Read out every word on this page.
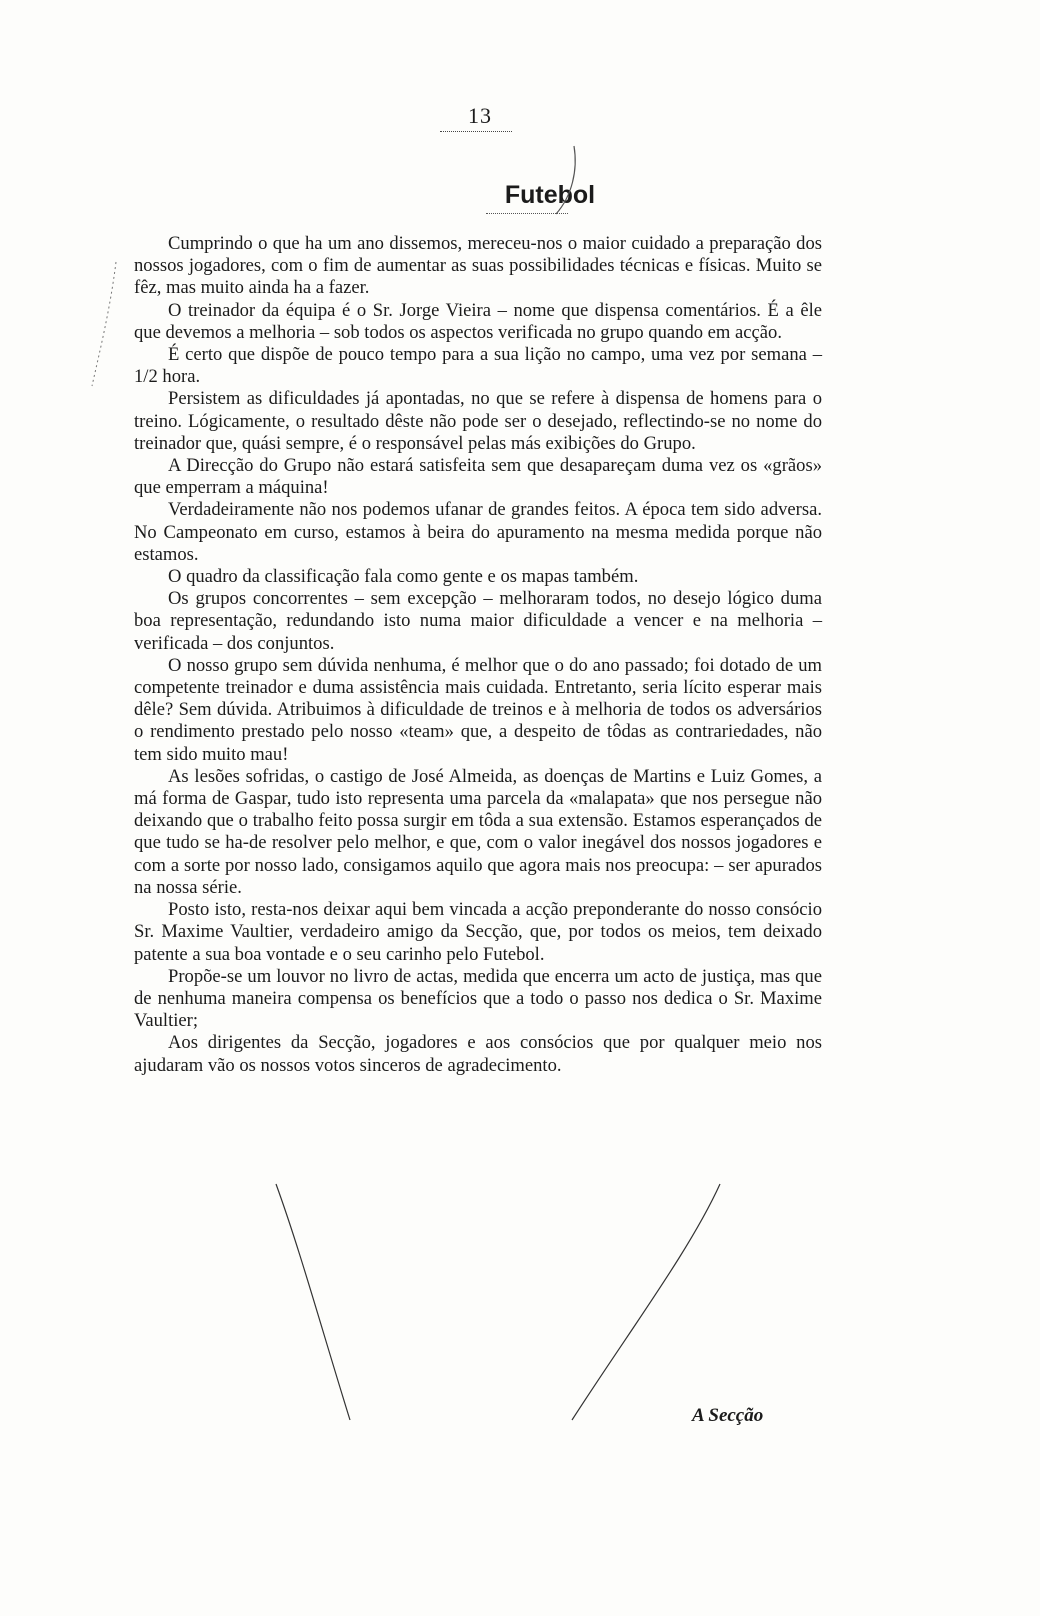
13
Futebol

Cumprindo o que ha um ano dissemos, mereceu-nos o maior cuidado a preparação dos nossos jogadores, com o fim de aumentar as suas possibilidades técnicas e físicas. Muito se fêz, mas muito ainda ha a fazer.

O treinador da équipa é o Sr. Jorge Vieira – nome que dispensa comentários. É a êle que devemos a melhoria – sob todos os aspectos verificada no grupo quando em acção.

É certo que dispõe de pouco tempo para a sua lição no campo, uma vez por semana – 1/2 hora.

Persistem as dificuldades já apontadas, no que se refere à dispensa de homens para o treino. Lógicamente, o resultado dêste não pode ser o desejado, reflectindo-se no nome do treinador que, quási sempre, é o responsável pelas más exibições do Grupo.

A Direcção do Grupo não estará satisfeita sem que desapareçam duma vez os «grãos» que emperram a máquina!

Verdadeiramente não nos podemos ufanar de grandes feitos. A época tem sido adversa. No Campeonato em curso, estamos à beira do apuramento na mesma medida porque não estamos.

O quadro da classificação fala como gente e os mapas também.

Os grupos concorrentes – sem excepção – melhoraram todos, no desejo lógico duma boa representação, redundando isto numa maior dificuldade a vencer e na melhoria – verificada – dos conjuntos.

O nosso grupo sem dúvida nenhuma, é melhor que o do ano passado; foi dotado de um competente treinador e duma assistência mais cuidada. Entretanto, seria lícito esperar mais dêle? Sem dúvida. Atribuimos à dificuldade de treinos e à melhoria de todos os adversários o rendimento prestado pelo nosso «team» que, a despeito de tôdas as contrariedades, não tem sido muito mau!

As lesões sofridas, o castigo de José Almeida, as doenças de Martins e Luiz Gomes, a má forma de Gaspar, tudo isto representa uma parcela da «malapata» que nos persegue não deixando que o trabalho feito possa surgir em tôda a sua extensão. Estamos esperançados de que tudo se ha-de resolver pelo melhor, e que, com o valor inegável dos nossos jogadores e com a sorte por nosso lado, consigamos aquilo que agora mais nos preocupa: – ser apurados na nossa série.

Posto isto, resta-nos deixar aqui bem vincada a acção preponderante do nosso consócio Sr. Maxime Vaultier, verdadeiro amigo da Secção, que, por todos os meios, tem deixado patente a sua boa vontade e o seu carinho pelo Futebol.

Propõe-se um louvor no livro de actas, medida que encerra um acto de justiça, mas que de nenhuma maneira compensa os benefícios que a todo o passo nos dedica o Sr. Maxime Vaultier;

Aos dirigentes da Secção, jogadores e aos consócios que por qualquer meio nos ajudaram vão os nossos votos sinceros de agradecimento.

A Secção
